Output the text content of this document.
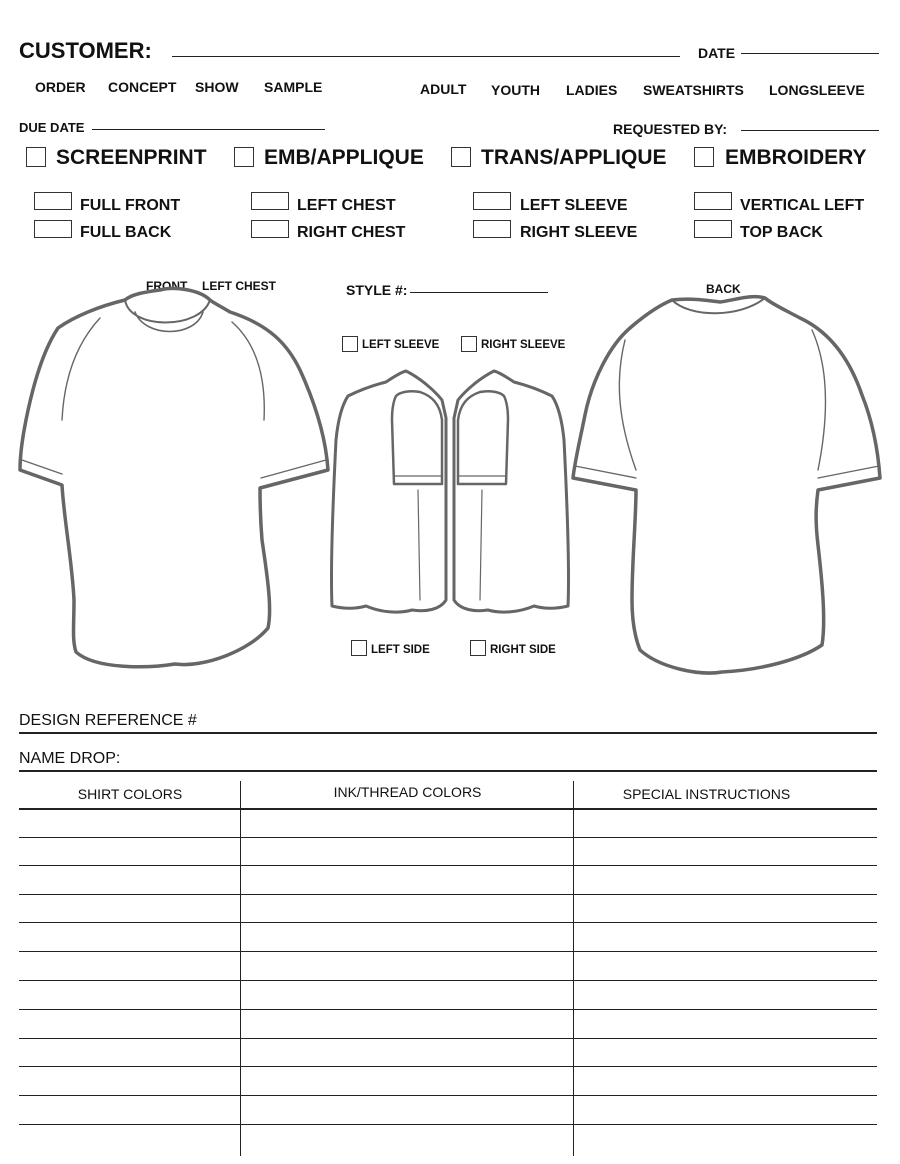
CUSTOMER:	DATE
ORDER CONCEPT SHOW SAMPLE	ADULT YOUTH LADIES SWEATSHIRTS LONGSLEEVE
DUE DATE	REQUESTED BY:
SCREENPRINT	EMB/APPLIQUE	TRANS/APPLIQUE	EMBROIDERY
FULL FRONT
FULL BACK
LEFT CHEST
RIGHT CHEST
LEFT SLEEVE
RIGHT SLEEVE
VERTICAL LEFT
TOP BACK
FRONT LEFT CHEST	STYLE #:	BACK
LEFT SLEEVE	RIGHT SLEEVE
LEFT SIDE	RIGHT SIDE
DESIGN REFERENCE #
NAME DROP:
SHIRT COLORS	INK/THREAD COLORS	SPECIAL INSTRUCTIONS
